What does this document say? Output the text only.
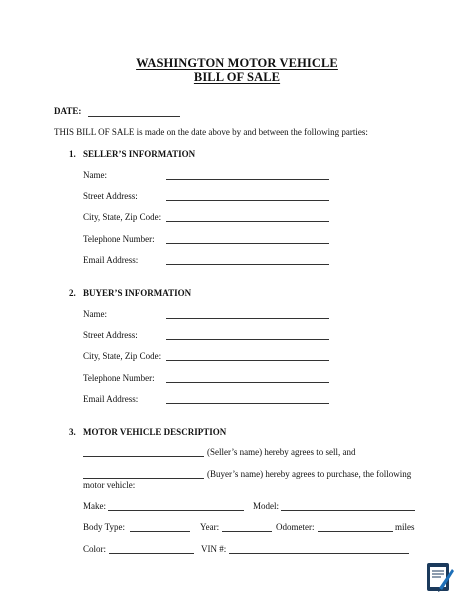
WASHINGTON MOTOR VEHICLE
BILL OF SALE
DATE:
THIS BILL OF SALE is made on the date above by and between the following parties:
1. SELLER’S INFORMATION
Name:
Street Address:
City, State, Zip Code:
Telephone Number:
Email Address:
2. BUYER’S INFORMATION
Name:
Street Address:
City, State, Zip Code:
Telephone Number:
Email Address:
3. MOTOR VEHICLE DESCRIPTION
(Seller’s name) hereby agrees to sell, and
(Buyer’s name) hereby agrees to purchase, the following
motor vehicle:
Make:	Model:
Body Type:	Year:	Odometer:	miles
Color:	VIN #:
